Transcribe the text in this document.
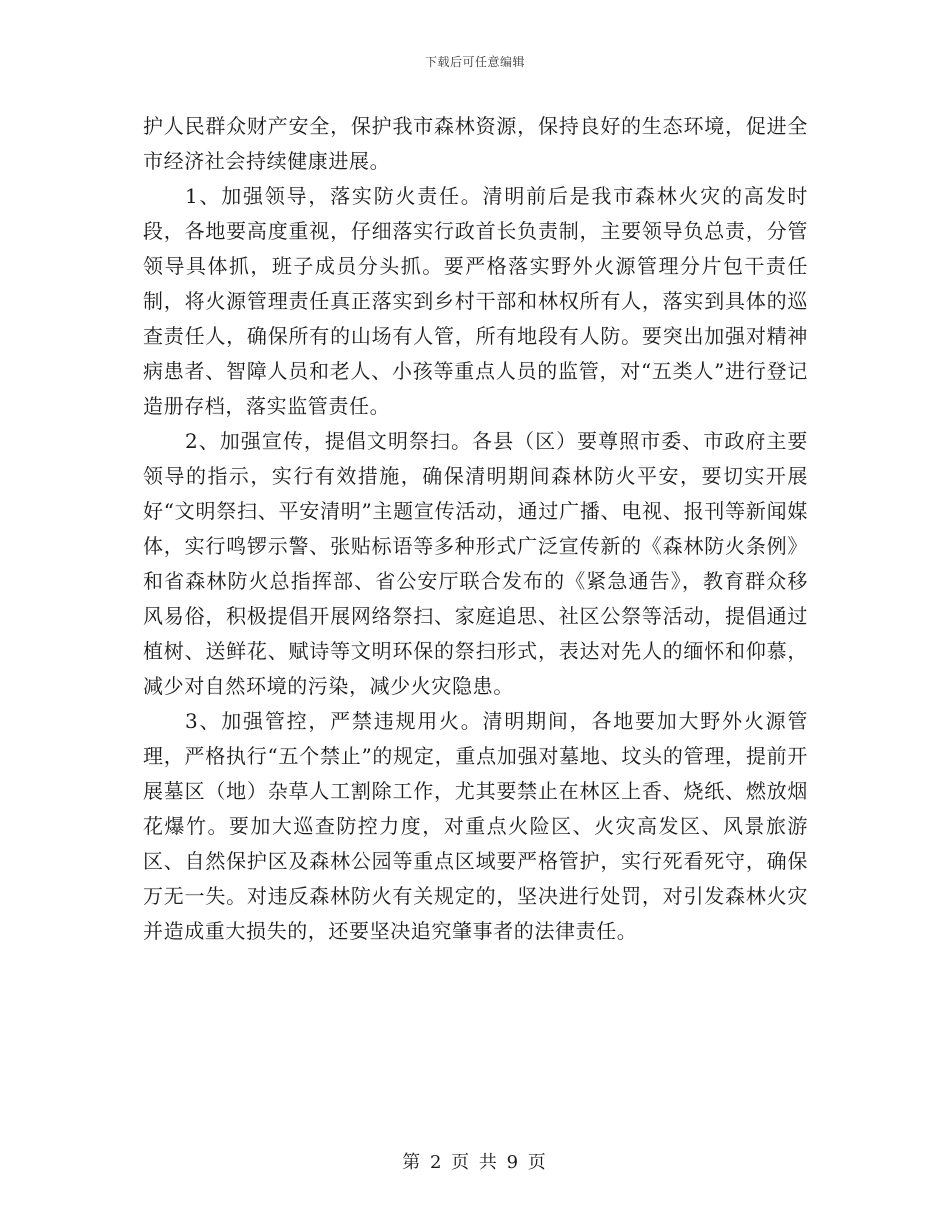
下载后可任意编辑

护人民群众财产安全，保护我市森林资源，保持良好的生态环境，促进全市经济社会持续健康进展。

1、加强领导，落实防火责任。清明前后是我市森林火灾的高发时段，各地要高度重视，仔细落实行政首长负责制，主要领导负总责，分管领导具体抓，班子成员分头抓。要严格落实野外火源管理分片包干责任制，将火源管理责任真正落实到乡村干部和林权所有人，落实到具体的巡查责任人，确保所有的山场有人管，所有地段有人防。要突出加强对精神病患者、智障人员和老人、小孩等重点人员的监管，对“五类人”进行登记造册存档，落实监管责任。

2、加强宣传，提倡文明祭扫。各县（区）要尊照市委、市政府主要领导的指示，实行有效措施，确保清明期间森林防火平安，要切实开展好“文明祭扫、平安清明”主题宣传活动，通过广播、电视、报刊等新闻媒体，实行鸣锣示警、张贴标语等多种形式广泛宣传新的《森林防火条例》和省森林防火总指挥部、省公安厅联合发布的《紧急通告》，教育群众移风易俗，积极提倡开展网络祭扫、家庭追思、社区公祭等活动，提倡通过植树、送鲜花、赋诗等文明环保的祭扫形式，表达对先人的缅怀和仰慕，减少对自然环境的污染，减少火灾隐患。

3、加强管控，严禁违规用火。清明期间，各地要加大野外火源管理，严格执行“五个禁止”的规定，重点加强对墓地、坟头的管理，提前开展墓区（地）杂草人工割除工作，尤其要禁止在林区上香、烧纸、燃放烟花爆竹。要加大巡查防控力度，对重点火险区、火灾高发区、风景旅游区、自然保护区及森林公园等重点区域要严格管护，实行死看死守，确保万无一失。对违反森林防火有关规定的，坚决进行处罚，对引发森林火灾并造成重大损失的，还要坚决追究肇事者的法律责任。

第 2 页 共 9 页
